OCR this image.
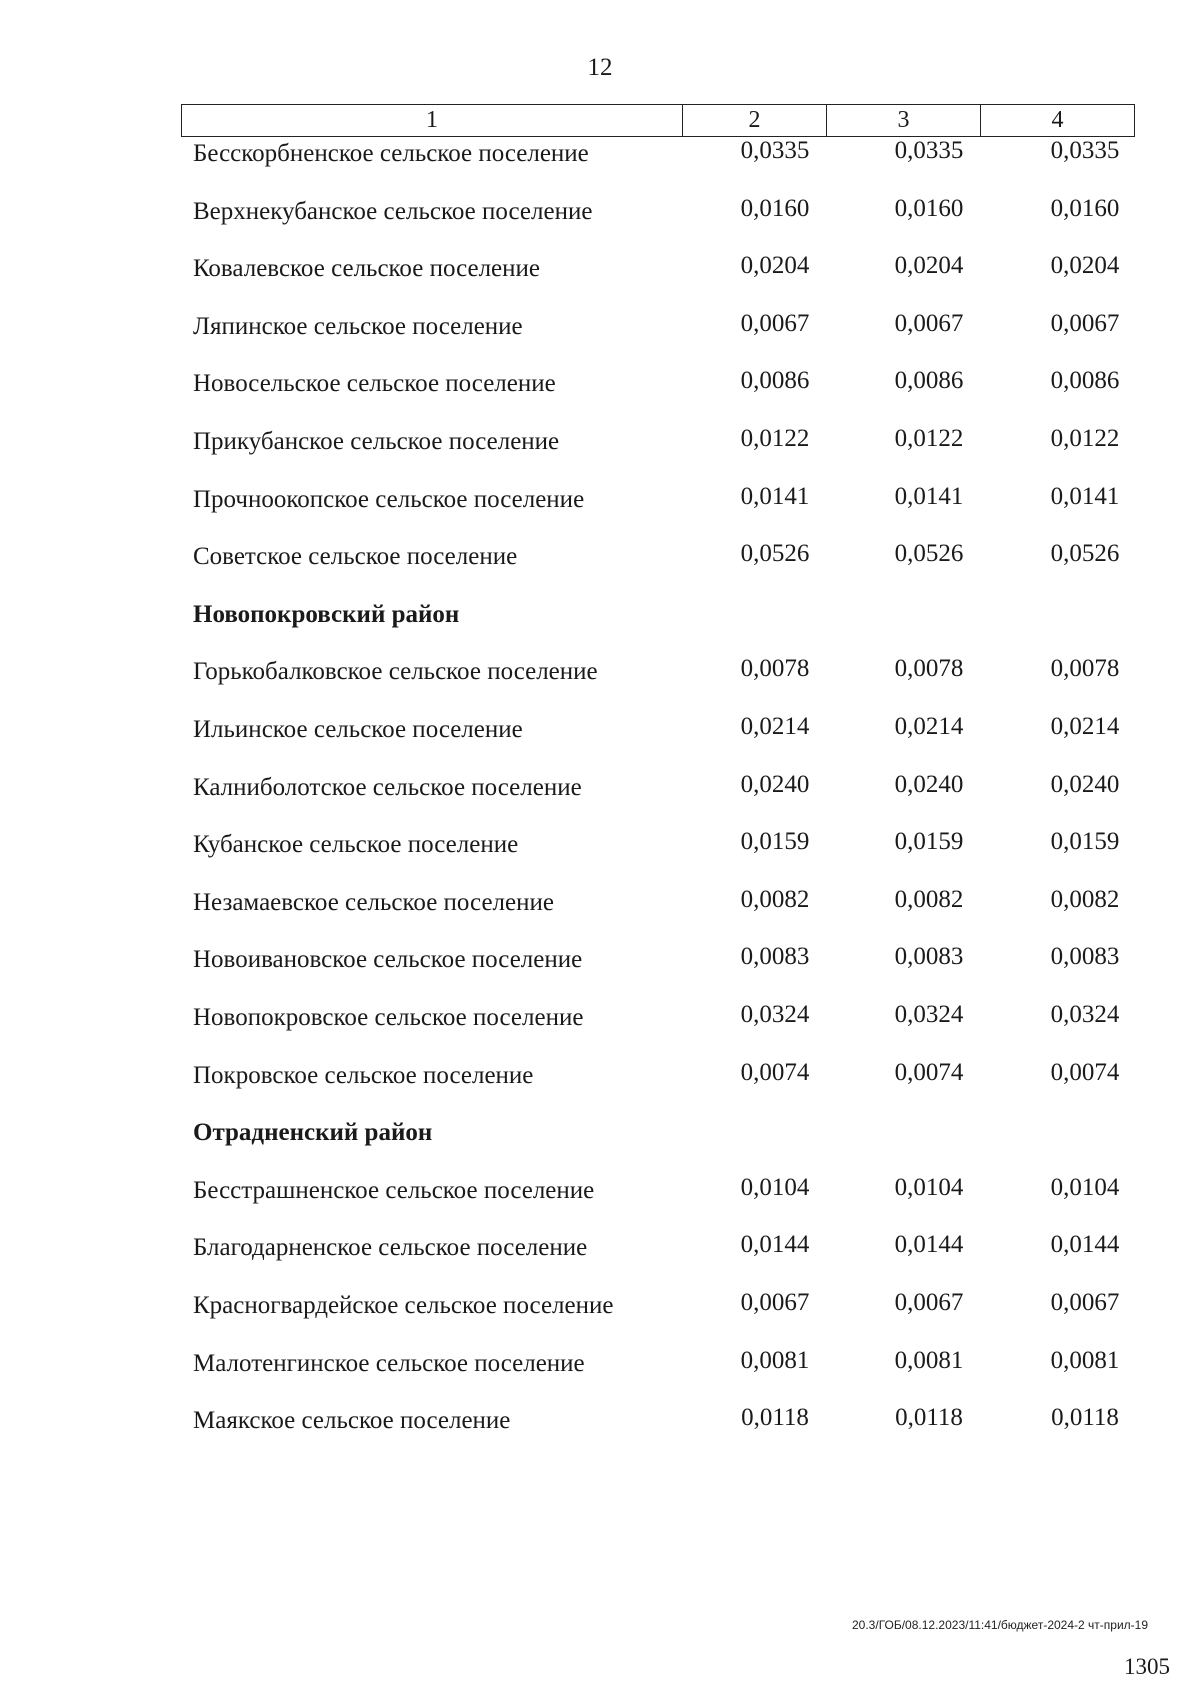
12
1	2	3	4
Бесскорбненское сельское поселение	0,0335	0,0335	0,0335
Верхнекубанское сельское поселение	0,0160	0,0160	0,0160
Ковалевское сельское поселение	0,0204	0,0204	0,0204
Ляпинское сельское поселение	0,0067	0,0067	0,0067
Новосельское сельское поселение	0,0086	0,0086	0,0086
Прикубанское сельское поселение	0,0122	0,0122	0,0122
Прочноокопское сельское поселение	0,0141	0,0141	0,0141
Советское сельское поселение	0,0526	0,0526	0,0526
Новопокровский район
Горькобалковское сельское поселение	0,0078	0,0078	0,0078
Ильинское сельское поселение	0,0214	0,0214	0,0214
Калниболотское сельское поселение	0,0240	0,0240	0,0240
Кубанское сельское поселение	0,0159	0,0159	0,0159
Незамаевское сельское поселение	0,0082	0,0082	0,0082
Новоивановское сельское поселение	0,0083	0,0083	0,0083
Новопокровское сельское поселение	0,0324	0,0324	0,0324
Покровское сельское поселение	0,0074	0,0074	0,0074
Отрадненский район
Бесстрашненское сельское поселение	0,0104	0,0104	0,0104
Благодарненское сельское поселение	0,0144	0,0144	0,0144
Красногвардейское сельское поселение	0,0067	0,0067	0,0067
Малотенгинское сельское поселение	0,0081	0,0081	0,0081
Маякское сельское поселение	0,0118	0,0118	0,0118
20.3/ГОБ/08.12.2023/11:41/бюджет-2024-2 чт-прил-19
1305
